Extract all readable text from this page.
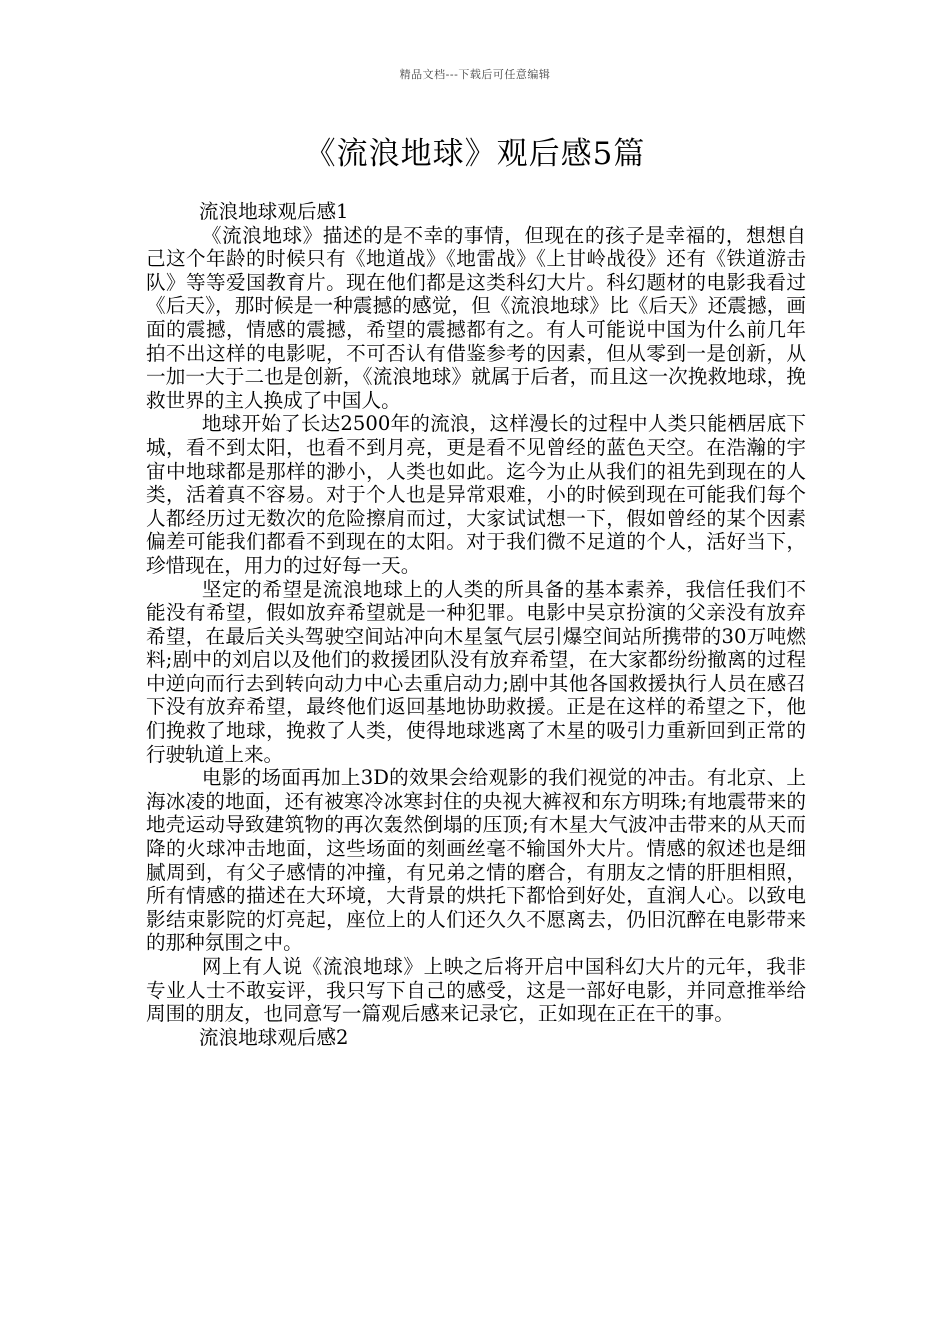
精品文档---下载后可任意编辑
《流浪地球》观后感5篇

流浪地球观后感1

《流浪地球》描述的是不幸的事情，但现在的孩子是幸福的，想想自己这个年龄的时候只有《地道战》《地雷战》《上甘岭战役》还有《铁道游击队》等等爱国教育片。现在他们都是这类科幻大片。科幻题材的电影我看过《后天》，那时候是一种震撼的感觉，但《流浪地球》比《后天》还震撼，画面的震撼，情感的震撼，希望的震撼都有之。有人可能说中国为什么前几年拍不出这样的电影呢，不可否认有借鉴参考的因素，但从零到一是创新，从一加一大于二也是创新，《流浪地球》就属于后者，而且这一次挽救地球，挽救世界的主人换成了中国人。

地球开始了长达2500年的流浪，这样漫长的过程中人类只能栖居底下城，看不到太阳，也看不到月亮，更是看不见曾经的蓝色天空。在浩瀚的宇宙中地球都是那样的渺小，人类也如此。迄今为止从我们的祖先到现在的人类，活着真不容易。对于个人也是异常艰难，小的时候到现在可能我们每个人都经历过无数次的危险擦肩而过，大家试试想一下，假如曾经的某个因素偏差可能我们都看不到现在的太阳。对于我们微不足道的个人，活好当下，珍惜现在，用力的过好每一天。

坚定的希望是流浪地球上的人类的所具备的基本素养，我信任我们不能没有希望，假如放弃希望就是一种犯罪。电影中吴京扮演的父亲没有放弃希望，在最后关头驾驶空间站冲向木星氢气层引爆空间站所携带的30万吨燃料;剧中的刘启以及他们的救援团队没有放弃希望，在大家都纷纷撤离的过程中逆向而行去到转向动力中心去重启动力;剧中其他各国救援执行人员在感召下没有放弃希望，最终他们返回基地协助救援。正是在这样的希望之下，他们挽救了地球，挽救了人类，使得地球逃离了木星的吸引力重新回到正常的行驶轨道上来。

电影的场面再加上3D的效果会给观影的我们视觉的冲击。有北京、上海冰凌的地面，还有被寒冷冰寒封住的央视大裤衩和东方明珠;有地震带来的地壳运动导致建筑物的再次轰然倒塌的压顶;有木星大气波冲击带来的从天而降的火球冲击地面，这些场面的刻画丝毫不输国外大片。情感的叙述也是细腻周到，有父子感情的冲撞，有兄弟之情的磨合，有朋友之情的肝胆相照，所有情感的描述在大环境，大背景的烘托下都恰到好处，直润人心。以致电影结束影院的灯亮起，座位上的人们还久久不愿离去，仍旧沉醉在电影带来的那种氛围之中。

网上有人说《流浪地球》上映之后将开启中国科幻大片的元年，我非专业人士不敢妄评，我只写下自己的感受，这是一部好电影，并同意推举给周围的朋友，也同意写一篇观后感来记录它，正如现在正在干的事。

流浪地球观后感2
